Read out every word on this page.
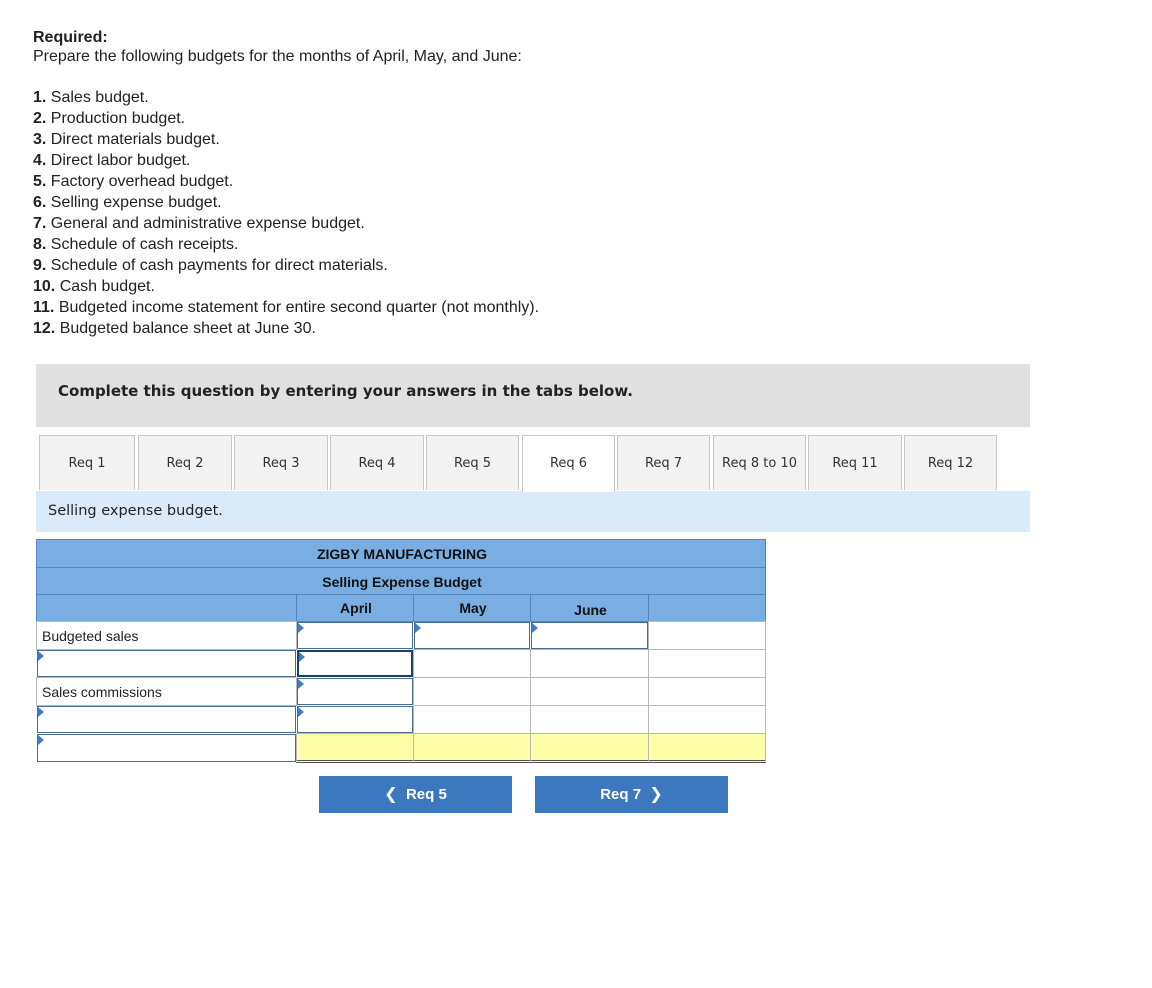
Required:
Prepare the following budgets for the months of April, May, and June:
1. Sales budget.
2. Production budget.
3. Direct materials budget.
4. Direct labor budget.
5. Factory overhead budget.
6. Selling expense budget.
7. General and administrative expense budget.
8. Schedule of cash receipts.
9. Schedule of cash payments for direct materials.
10. Cash budget.
11. Budgeted income statement for entire second quarter (not monthly).
12. Budgeted balance sheet at June 30.
Complete this question by entering your answers in the tabs below.
Req 1	Req 2	Req 3	Req 4	Req 5	Req 6	Req 7	Req 8 to 10	Req 11	Req 12
Selling expense budget.
ZIGBY MANUFACTURING
Selling Expense Budget
April	May	June
Budgeted sales
Sales commissions
❮ Req 5	Req 7 ❯
